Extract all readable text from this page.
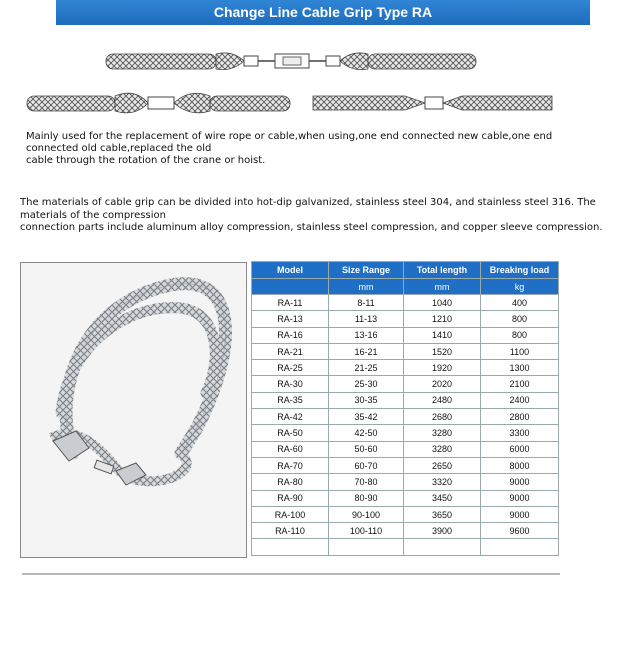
Change Line Cable Grip Type RA
Mainly used for the replacement of wire rope or cable,when using,one end connected new cable,one end
connected old cable,replaced the old
cable through the rotation of the crane or hoist.
The materials of cable grip can be divided into hot-dip galvanized, stainless steel 304, and stainless steel 316. The
materials of the compression
connection parts include aluminum alloy compression, stainless steel compression, and copper sleeve compression.
Model	Size Range	Total length	Breaking load
	mm	mm	kg
RA-11	8-11	1040	400
RA-13	11-13	1210	800
RA-16	13-16	1410	800
RA-21	16-21	1520	1100
RA-25	21-25	1920	1300
RA-30	25-30	2020	2100
RA-35	30-35	2480	2400
RA-42	35-42	2680	2800
RA-50	42-50	3280	3300
RA-60	50-60	3280	6000
RA-70	60-70	2650	8000
RA-80	70-80	3320	9000
RA-90	80-90	3450	9000
RA-100	90-100	3650	9000
RA-110	100-110	3900	9600
